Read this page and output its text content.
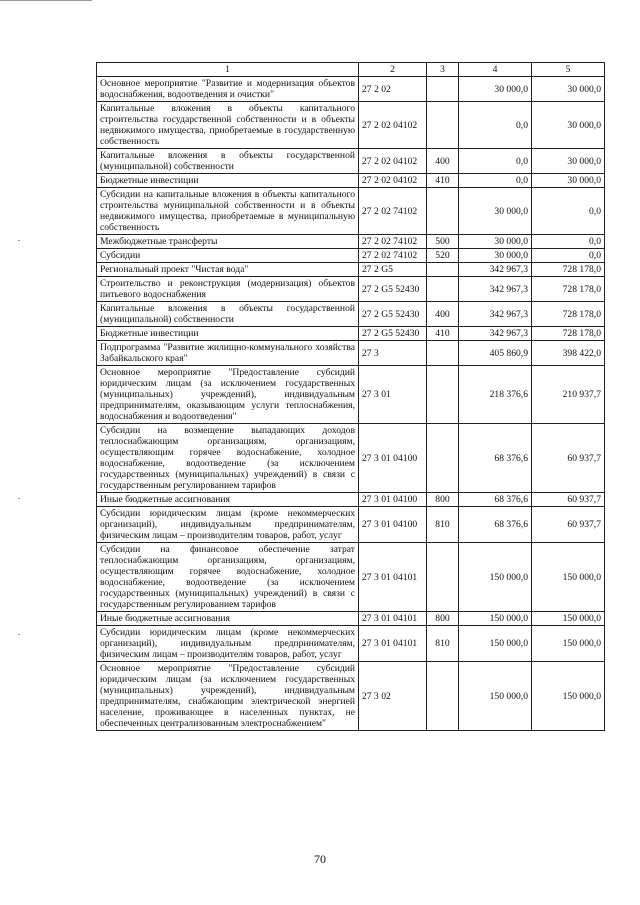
1	2	3	4	5
Основное мероприятие "Развитие и модернизация объектов водоснабжения, водоотведения и очистки"	27 2 02		30 000,0	30 000,0
Капитальные вложения в объекты капитального строительства государственной собственности и в объекты недвижимого имущества, приобретаемые в государственную собственность	27 2 02 04102		0,0	30 000,0
Капитальные вложения в объекты государственной (муниципальной) собственности	27 2 02 04102	400	0,0	30 000,0
Бюджетные инвестиции	27 2 02 04102	410	0,0	30 000,0
Субсидии на капитальные вложения в объекты капитального строительства муниципальной собственности и в объекты недвижимого имущества, приобретаемые в муниципальную собственность	27 2 02 74102		30 000,0	0,0
Межбюджетные трансферты	27 2 02 74102	500	30 000,0	0,0
Субсидии	27 2 02 74102	520	30 000,0	0,0
Региональный проект "Чистая вода"	27 2 G5		342 967,3	728 178,0
Строительство и реконструкция (модернизация) объектов питьевого водоснабжения	27 2 G5 52430		342 967,3	728 178,0
Капитальные вложения в объекты государственной (муниципальной) собственности	27 2 G5 52430	400	342 967,3	728 178,0
Бюджетные инвестиции	27 2 G5 52430	410	342 967,3	728 178,0
Подпрограмма "Развитие жилищно-коммунального хозяйства Забайкальского края"	27 3		405 860,9	398 422,0
Основное мероприятие "Предоставление субсидий юридическим лицам (за исключением государственных (муниципальных) учреждений), индивидуальным предпринимателям, оказывающим услуги теплоснабжения, водоснабжения и водоотведения"	27 3 01		218 376,6	210 937,7
Субсидии на возмещение выпадающих доходов теплоснабжающим организациям, организациям, осуществляющим горячее водоснабжение, холодное водоснабжение, водоотведение (за исключением государственных (муниципальных) учреждений) в связи с государственным регулированием тарифов	27 3 01 04100		68 376,6	60 937,7
Иные бюджетные ассигнования	27 3 01 04100	800	68 376,6	60 937,7
Субсидии юридическим лицам (кроме некоммерческих организаций), индивидуальным предпринимателям, физическим лицам – производителям товаров, работ, услуг	27 3 01 04100	810	68 376,6	60 937,7
Субсидии на финансовое обеспечение затрат теплоснабжающим организациям, организациям, осуществляющим горячее водоснабжение, холодное водоснабжение, водоотведение (за исключением государственных (муниципальных) учреждений) в связи с государственным регулированием тарифов	27 3 01 04101		150 000,0	150 000,0
Иные бюджетные ассигнования	27 3 01 04101	800	150 000,0	150 000,0
Субсидии юридическим лицам (кроме некоммерческих организаций), индивидуальным предпринимателям, физическим лицам – производителям товаров, работ, услуг	27 3 01 04101	810	150 000,0	150 000,0
Основное мероприятие "Предоставление субсидий юридическим лицам (за исключением государственных (муниципальных) учреждений), индивидуальным предпринимателям, снабжающим электрической энергией население, проживающее в населенных пунктах, не обеспеченных централизованным электроснабжением"	27 3 02		150 000,0	150 000,0
70
